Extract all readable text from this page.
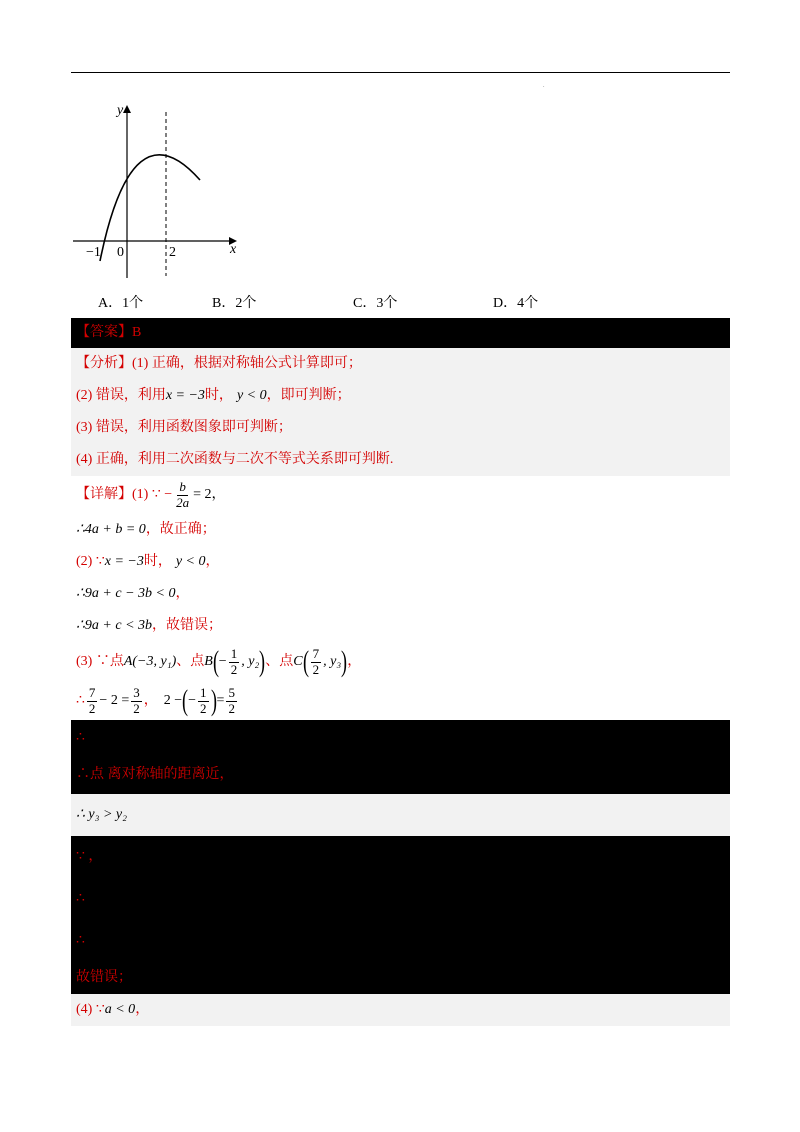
.
y
x
−1 0	2
A．1个	B．2个	C．3个	D．4个
【答案】 B
【分析】 (1) 正确，根据对称轴公式计算即可；
(2) 错误，利用 x = −3 时， y < 0 ，即可判断；
(3) 错误，利用函数图象即可判断；
(4) 正确，利用二次函数与二次不等式关系即可判断.
【详解】 (1) ∵ − $\frac{b}{2a} = 2$，
∴4a + b = 0 ，故正确；
(2) ∵ x = −3 时， y < 0 ，
∴9a + c − 3b < 0 ，
∴9a + c < 3b ，故错误；
(3) ∵点 A(−3, y₁) 、点 B ( − $\frac{1}{2}$ , y₂ ) 、点 C ( $\frac{7}{2}$ , y₃ ) ，
∴ $\frac{7}{2} - 2 = \frac{3}{2}$ ， 2 − ( − $\frac{1}{2}$ ) = $\frac{5}{2}$
∴
∴点 离对称轴的距离近，
∴ y₃ > y₂
∵ ，
∴
∴
故错误；
(4) ∵ a < 0 ，
